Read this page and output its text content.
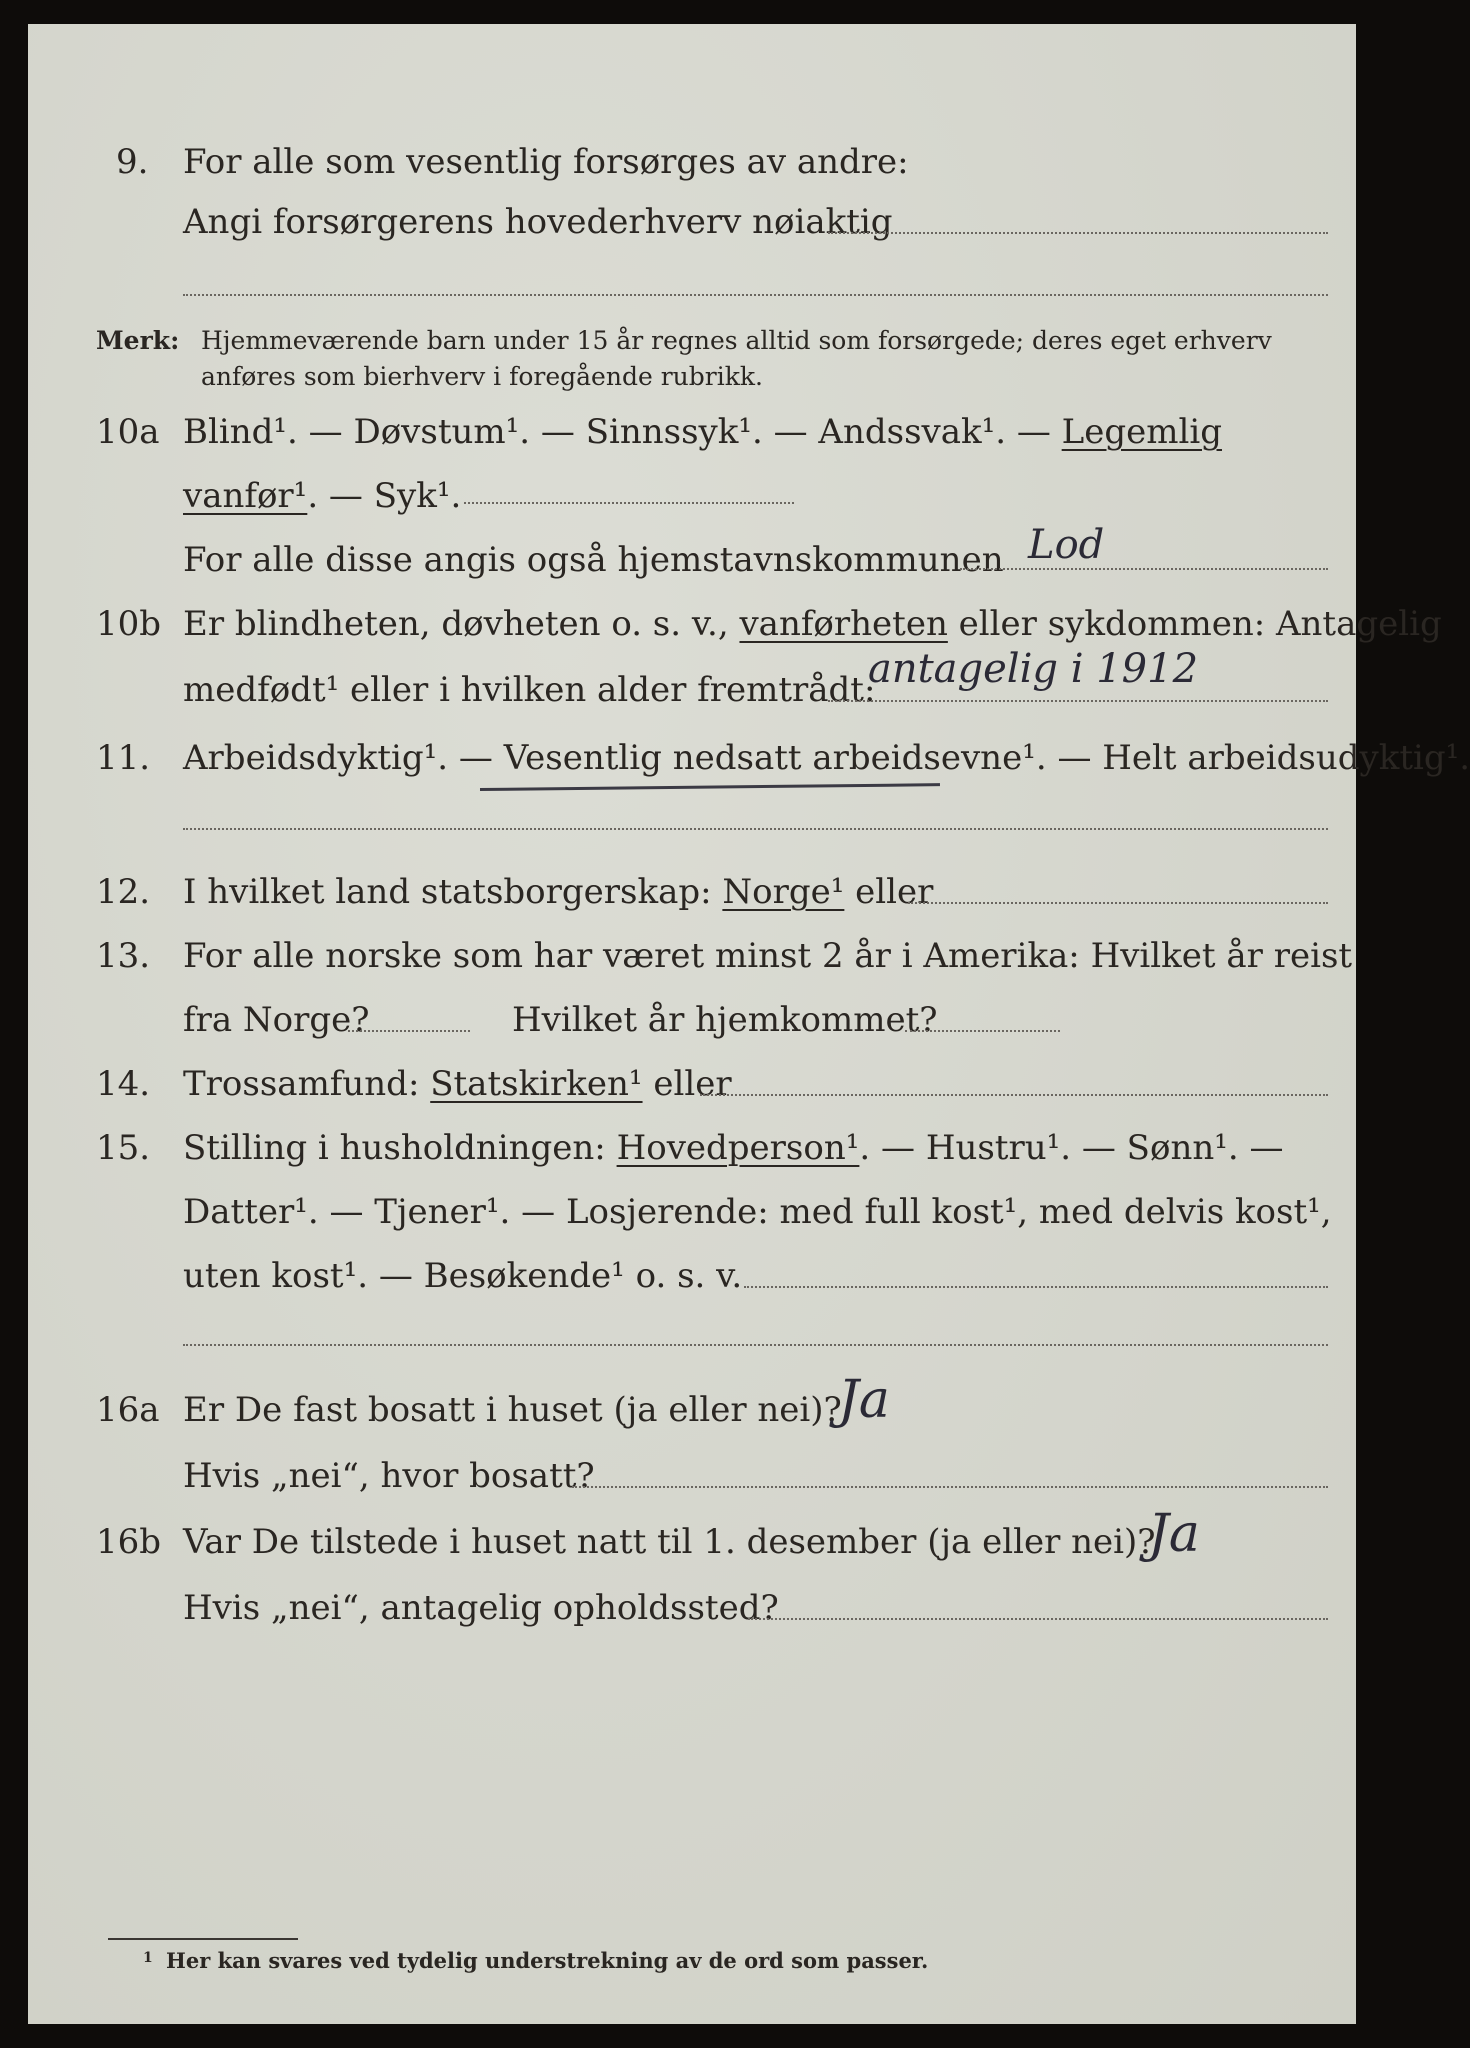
9. For alle som vesentlig forsørges av andre:
Angi forsørgerens hovederhverv nøiaktig
Merk: Hjemmeværende barn under 15 år regnes alltid som forsørgede; deres eget erhverv
anføres som bierhverv i foregående rubrikk.
10a Blind¹. — Døvstum¹. — Sinnssyk¹. — Andssvak¹. — Legemlig
vanfør¹. — Syk¹.
For alle disse angis også hjemstavnskommunen Lod
10b Er blindheten, døvheten o. s. v., vanførheten eller sykdommen: Antagelig
medfødt¹ eller i hvilken alder fremtrådt:
antagelig i 1912
11. Arbeidsdyktig¹. — Vesentlig nedsatt arbeidsevne¹. — Helt arbeidsudyktig¹.
12. I hvilket land statsborgerskap: Norge¹ eller
13. For alle norske som har været minst 2 år i Amerika: Hvilket år reist
fra Norge?	Hvilket år hjemkommet?
14. Trossamfund: Statskirken¹ eller
15. Stilling i husholdningen: Hovedperson¹. — Hustru¹. — Sønn¹. —
Datter¹. — Tjener¹. — Losjerende: med full kost¹, med delvis kost¹,
uten kost¹. — Besøkende¹ o. s. v.
16a Er De fast bosatt i huset (ja eller nei)?
Ja
Hvis „nei“, hvor bosatt?
16b Var De tilstede i huset natt til 1. desember (ja eller nei)?
Ja
Hvis „nei“, antagelig opholdssted?
1 Her kan svares ved tydelig understrekning av de ord som passer.
